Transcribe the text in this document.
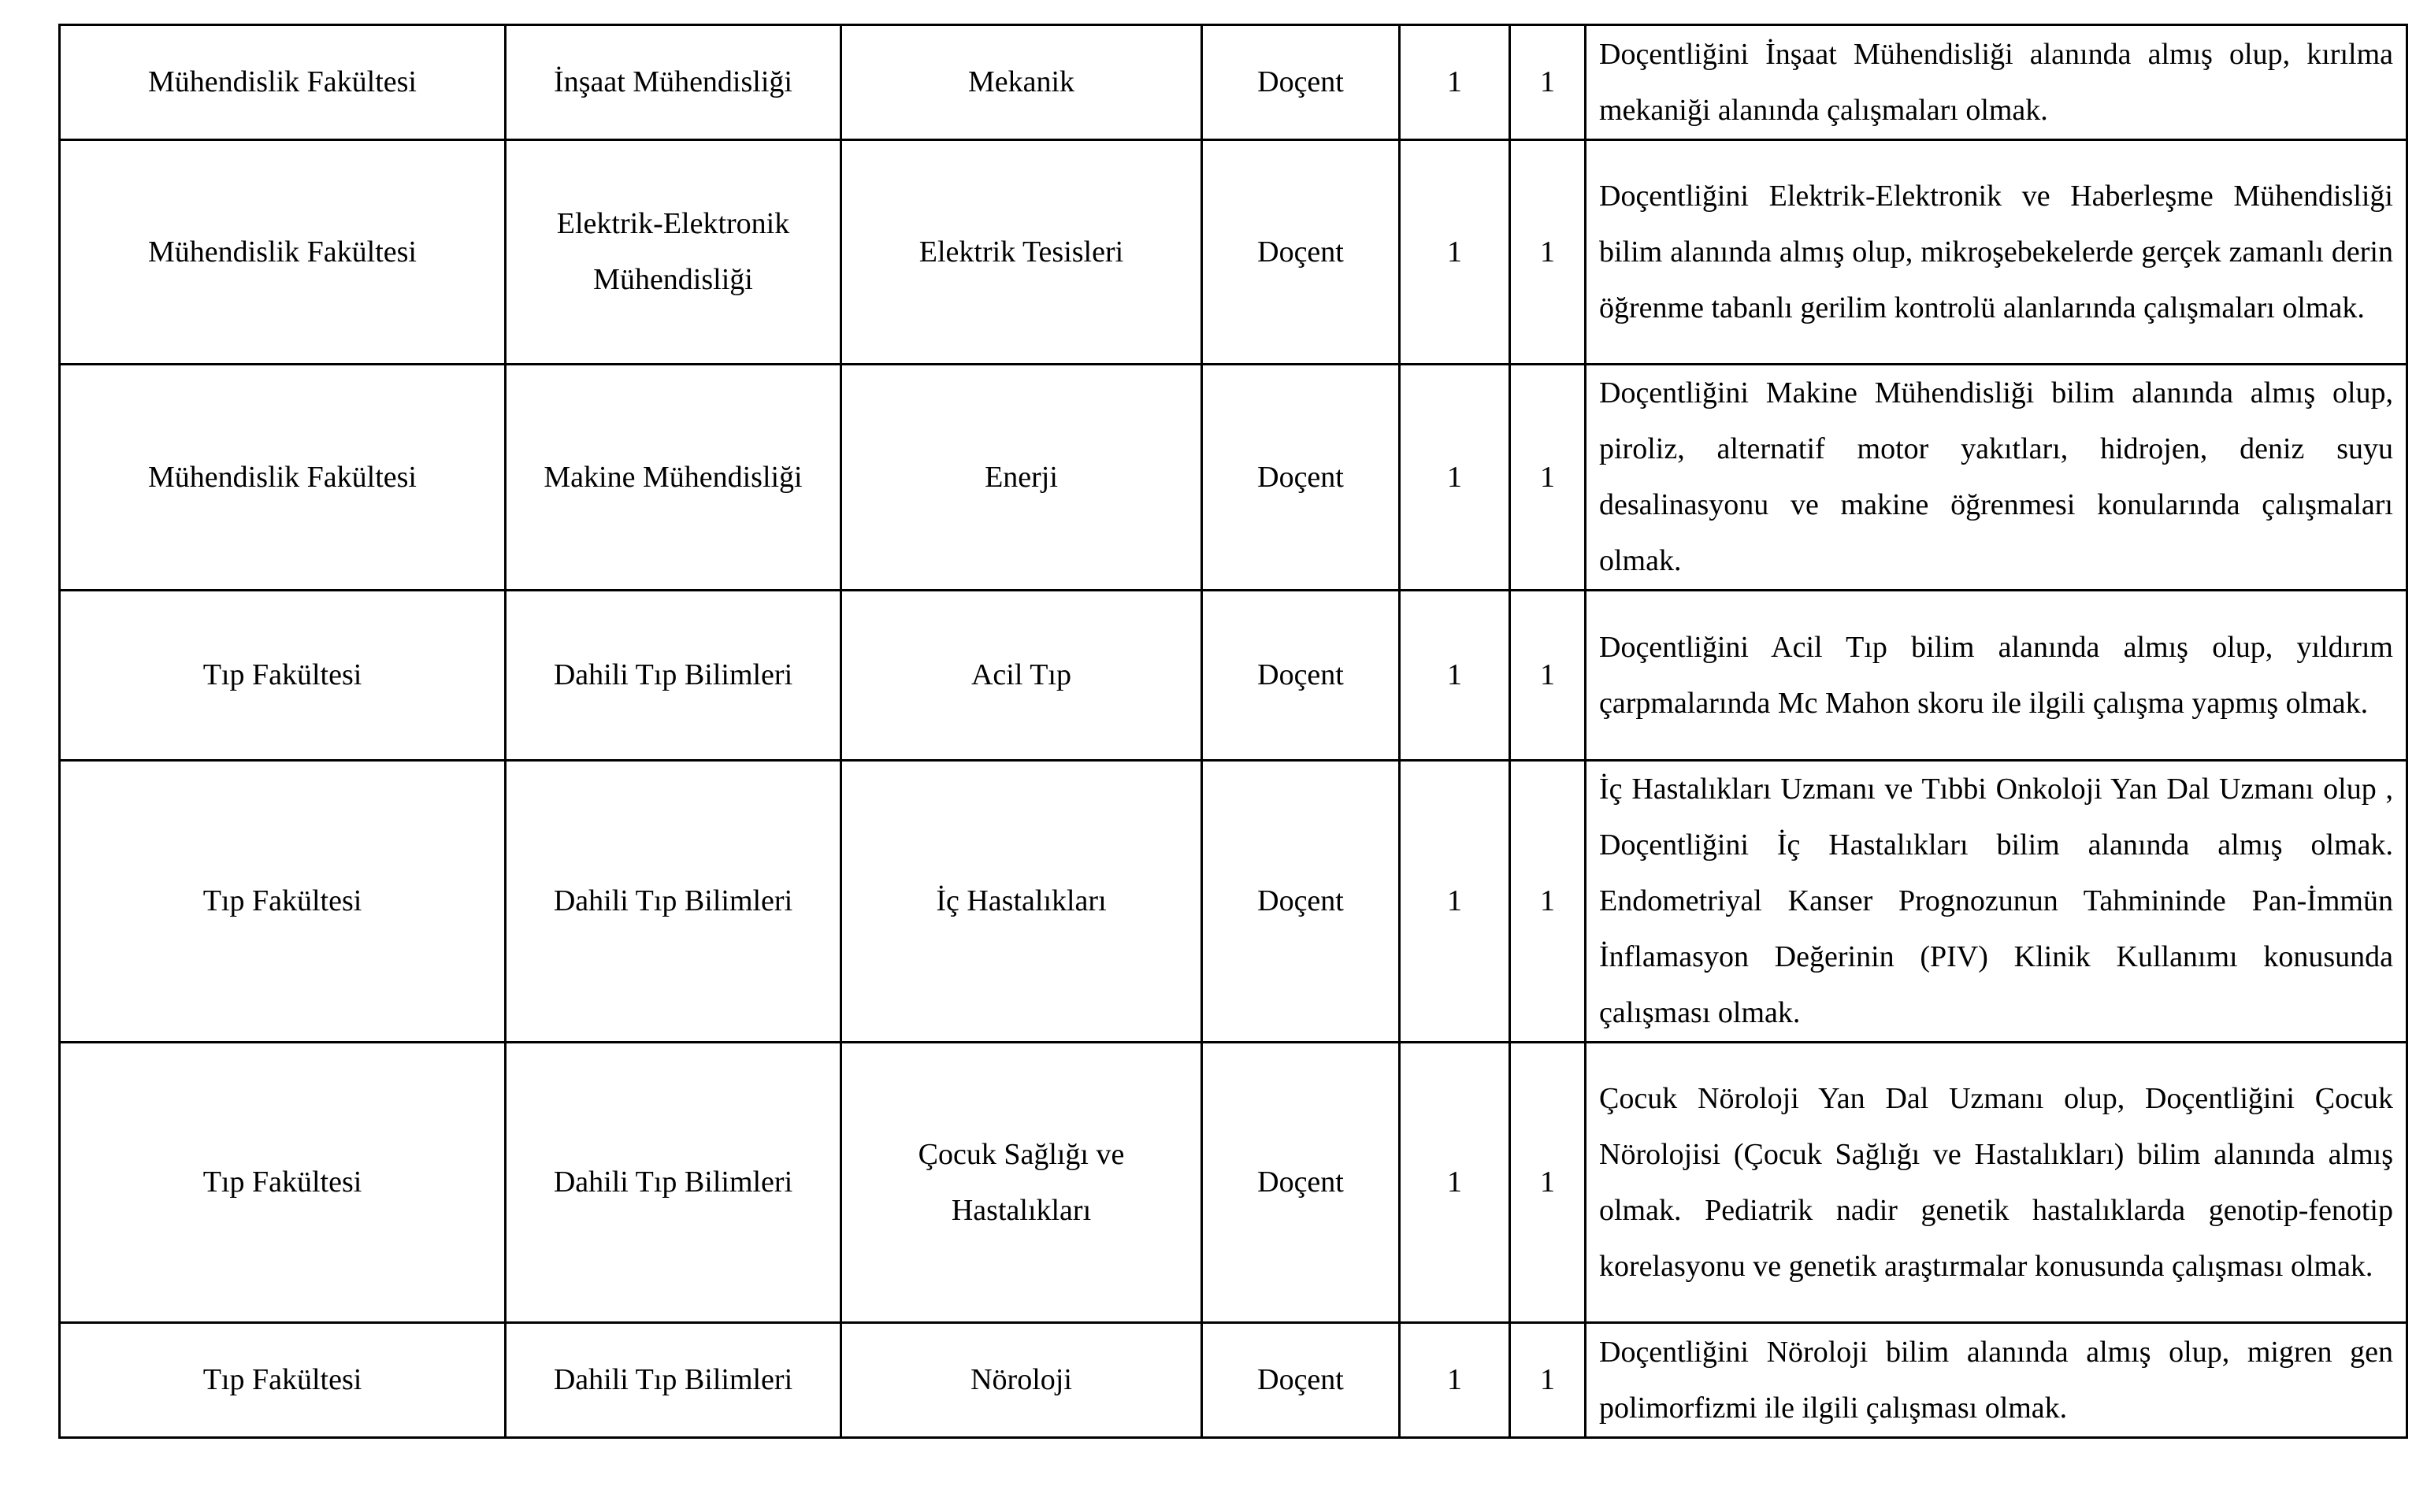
Mühendislik Fakültesi	İnşaat Mühendisliği	Mekanik	Doçent	1	1	Doçentliğini İnşaat Mühendisliği alanında almış olup, kırılma mekaniği alanında çalışmaları olmak.
Mühendislik Fakültesi	Elektrik-Elektronik Mühendisliği	Elektrik Tesisleri	Doçent	1	1	Doçentliğini Elektrik-Elektronik ve Haberleşme Mühendisliği bilim alanında almış olup, mikroşebekelerde gerçek zamanlı derin öğrenme tabanlı gerilim kontrolü alanlarında çalışmaları olmak.
Mühendislik Fakültesi	Makine Mühendisliği	Enerji	Doçent	1	1	Doçentliğini Makine Mühendisliği bilim alanında almış olup, piroliz, alternatif motor yakıtları, hidrojen, deniz suyu desalinasyonu ve makine öğrenmesi konularında çalışmaları olmak.
Tıp Fakültesi	Dahili Tıp Bilimleri	Acil Tıp	Doçent	1	1	Doçentliğini Acil Tıp bilim alanında almış olup, yıldırım çarpmalarında Mc Mahon skoru ile ilgili çalışma yapmış olmak.
Tıp Fakültesi	Dahili Tıp Bilimleri	İç Hastalıkları	Doçent	1	1	İç Hastalıkları Uzmanı ve Tıbbi Onkoloji Yan Dal Uzmanı olup , Doçentliğini İç Hastalıkları bilim alanında almış olmak. Endometriyal Kanser Prognozunun Tahmininde Pan-İmmün İnflamasyon Değerinin (PIV) Klinik Kullanımı konusunda çalışması olmak.
Tıp Fakültesi	Dahili Tıp Bilimleri	Çocuk Sağlığı ve Hastalıkları	Doçent	1	1	Çocuk Nöroloji Yan Dal Uzmanı olup, Doçentliğini Çocuk Nörolojisi (Çocuk Sağlığı ve Hastalıkları) bilim alanında almış olmak. Pediatrik nadir genetik hastalıklarda genotip-fenotip korelasyonu ve genetik araştırmalar konusunda çalışması olmak.
Tıp Fakültesi	Dahili Tıp Bilimleri	Nöroloji	Doçent	1	1	Doçentliğini Nöroloji bilim alanında almış olup, migren gen polimorfizmi ile ilgili çalışması olmak.
